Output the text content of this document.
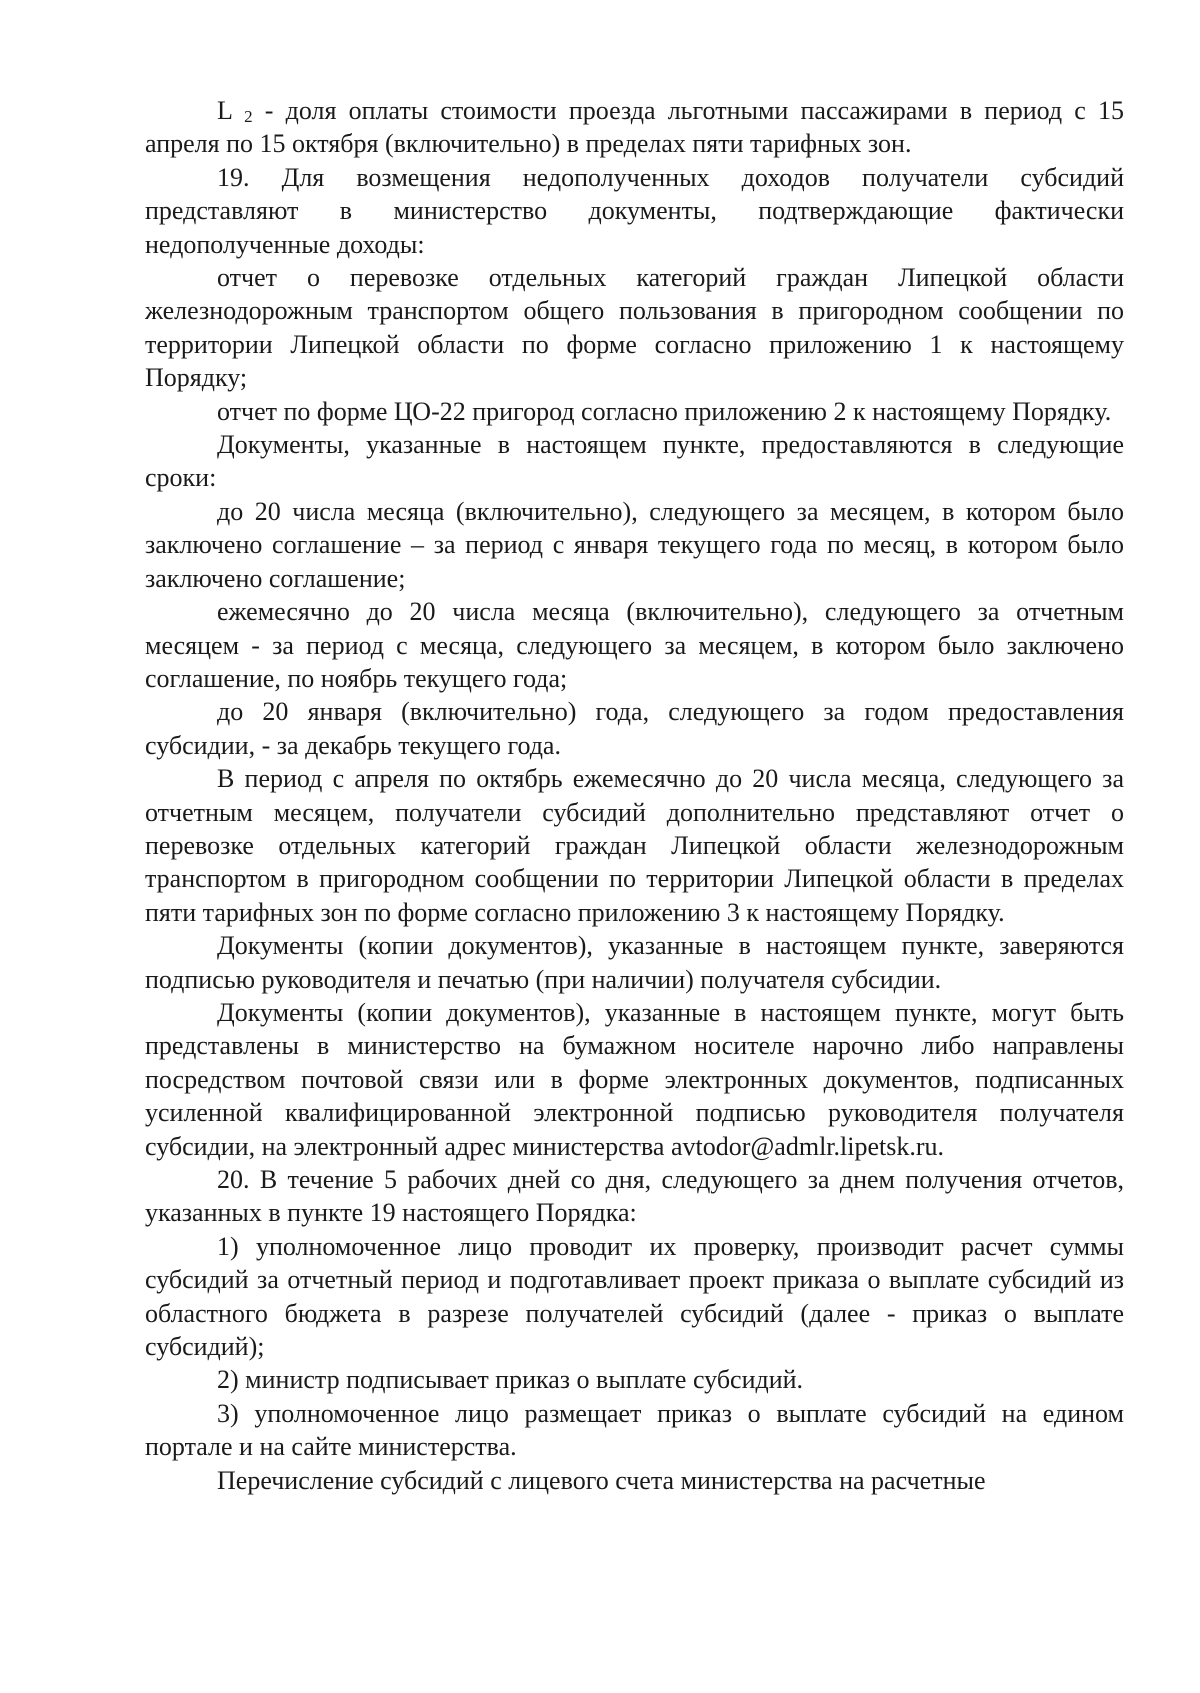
L $_2$ - доля оплаты стоимости проезда льготными пассажирами в период с 15 апреля по 15 октября (включительно) в пределах пяти тарифных зон.

19. Для возмещения недополученных доходов получатели субсидий представляют в министерство документы, подтверждающие фактически недополученные доходы:

отчет о перевозке отдельных категорий граждан Липецкой области железнодорожным транспортом общего пользования в пригородном сообщении по территории Липецкой области по форме согласно приложению 1 к настоящему Порядку;

отчет по форме ЦО-22 пригород согласно приложению 2 к настоящему Порядку.

Документы, указанные в настоящем пункте, предоставляются в следующие сроки:

до 20 числа месяца (включительно), следующего за месяцем, в котором было заключено соглашение – за период с января текущего года по месяц, в котором было заключено соглашение;

ежемесячно до 20 числа месяца (включительно), следующего за отчетным месяцем - за период с месяца, следующего за месяцем, в котором было заключено соглашение, по ноябрь текущего года;

до 20 января (включительно) года, следующего за годом предоставления субсидии, - за декабрь текущего года.

В период с апреля по октябрь ежемесячно до 20 числа месяца, следующего за отчетным месяцем, получатели субсидий дополнительно представляют отчет о перевозке отдельных категорий граждан Липецкой области железнодорожным транспортом в пригородном сообщении по территории Липецкой области в пределах пяти тарифных зон по форме согласно приложению 3 к настоящему Порядку.

Документы (копии документов), указанные в настоящем пункте, заверяются подписью руководителя и печатью (при наличии) получателя субсидии.

Документы (копии документов), указанные в настоящем пункте, могут быть представлены в министерство на бумажном носителе нарочно либо направлены посредством почтовой связи или в форме электронных документов, подписанных усиленной квалифицированной электронной подписью руководителя получателя субсидии, на электронный адрес министерства avtodor@admlr.lipetsk.ru.

20. В течение 5 рабочих дней со дня, следующего за днем получения отчетов, указанных в пункте 19 настоящего Порядка:

1) уполномоченное лицо проводит их проверку, производит расчет суммы субсидий за отчетный период и подготавливает проект приказа о выплате субсидий из областного бюджета в разрезе получателей субсидий (далее - приказ о выплате субсидий);

2) министр подписывает приказ о выплате субсидий.

3) уполномоченное лицо размещает приказ о выплате субсидий на едином портале и на сайте министерства.

Перечисление субсидий с лицевого счета министерства на расчетные
